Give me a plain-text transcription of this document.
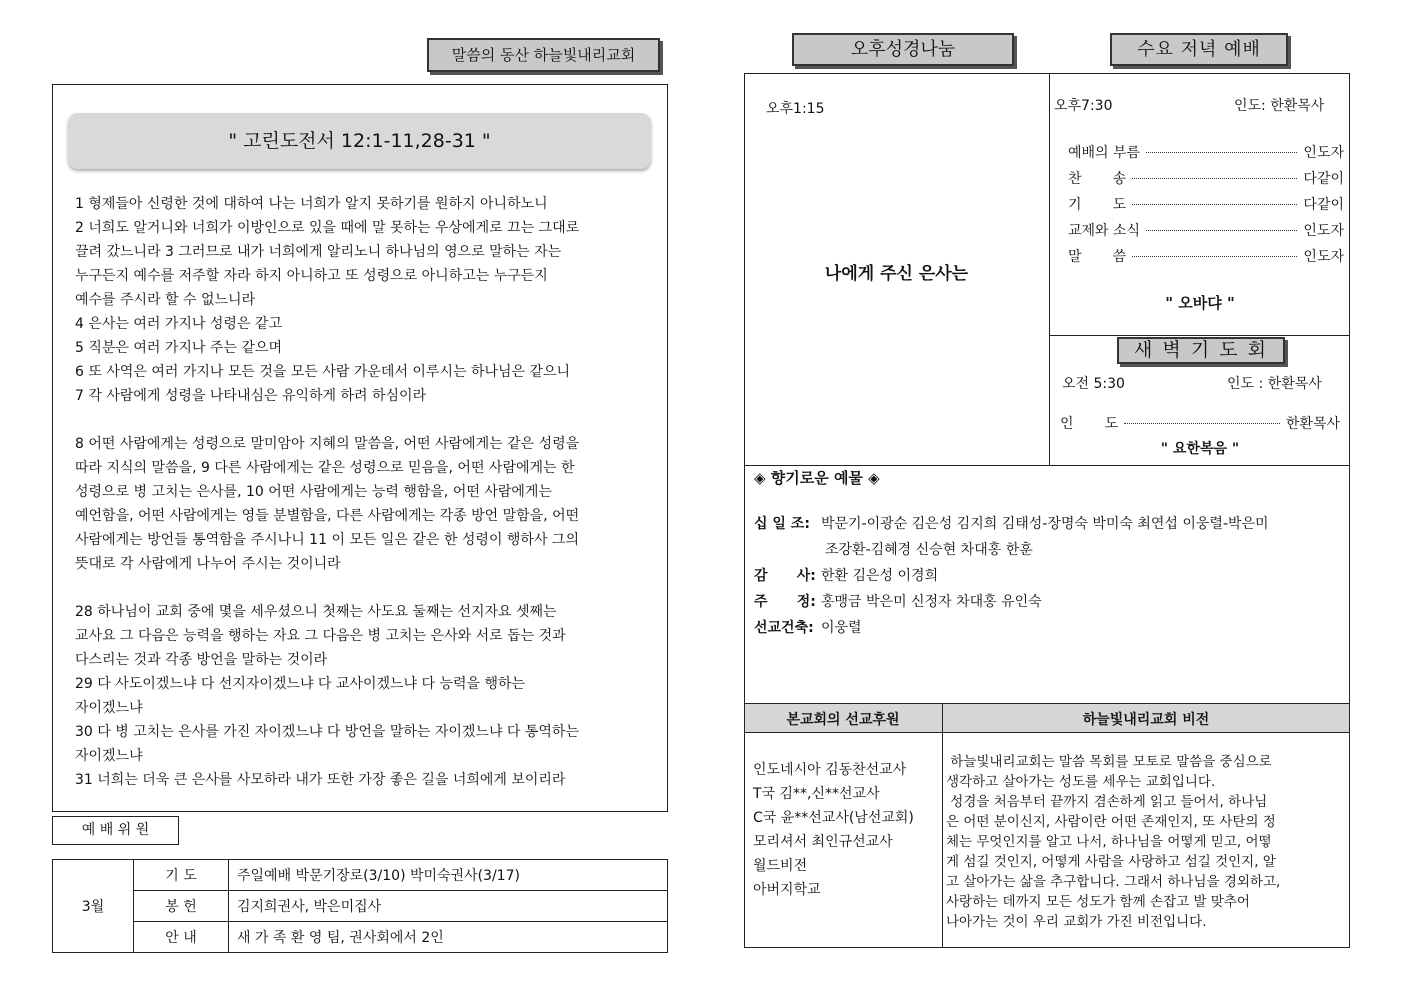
말씀의 동산 하늘빛내리교회
" 고린도전서 12:1-11,28-31 "
1 형제들아 신령한 것에 대하여 나는 너희가 알지 못하기를 원하지 아니하노니
2 너희도 알거니와 너희가 이방인으로 있을 때에 말 못하는 우상에게로 끄는 그대로
끌려 갔느니라 3 그러므로 내가 너희에게 알리노니 하나님의 영으로 말하는 자는
누구든지 예수를 저주할 자라 하지 아니하고 또 성령으로 아니하고는 누구든지
예수를 주시라 할 수 없느니라
4 은사는 여러 가지나 성령은 같고
5 직분은 여러 가지나 주는 같으며
6 또 사역은 여러 가지나 모든 것을 모든 사람 가운데서 이루시는 하나님은 같으니
7 각 사람에게 성령을 나타내심은 유익하게 하려 하심이라
8 어떤 사람에게는 성령으로 말미암아 지혜의 말씀을, 어떤 사람에게는 같은 성령을
따라 지식의 말씀을, 9 다른 사람에게는 같은 성령으로 믿음을, 어떤 사람에게는 한
성령으로 병 고치는 은사를, 10 어떤 사람에게는 능력 행함을, 어떤 사람에게는
예언함을, 어떤 사람에게는 영들 분별함을, 다른 사람에게는 각종 방언 말함을, 어떤
사람에게는 방언들 통역함을 주시나니 11 이 모든 일은 같은 한 성령이 행하사 그의
뜻대로 각 사람에게 나누어 주시는 것이니라
28 하나님이 교회 중에 몇을 세우셨으니 첫째는 사도요 둘째는 선지자요 셋째는
교사요 그 다음은 능력을 행하는 자요 그 다음은 병 고치는 은사와 서로 돕는 것과
다스리는 것과 각종 방언을 말하는 것이라
29 다 사도이겠느냐 다 선지자이겠느냐 다 교사이겠느냐 다 능력을 행하는
자이겠느냐
30 다 병 고치는 은사를 가진 자이겠느냐 다 방언을 말하는 자이겠느냐 다 통역하는
자이겠느냐
31 너희는 더욱 큰 은사를 사모하라 내가 또한 가장 좋은 길을 너희에게 보이리라
예 배 위 원
3월	기 도	주일예배 박문기장로(3/10) 박미숙권사(3/17)
	봉 헌	김지희권사, 박은미집사
	안 내	새 가 족 환 영 팀, 권사회에서 2인
오후성경나눔	수요 저녁 예배
오후1:15
나에게 주신 은사는
오후7:30	인도: 한환목사
예배의 부름	인도자
찬       송	다같이
기       도	다같이
교제와 소식	인도자
말       씀	인도자
" 오바댜 "
새 벽 기 도 회
오전 5:30	인도 : 한환목사
인       도	한환목사
" 요한복음 "
◈ 향기로운 예물 ◈
십 일 조: 박문기-이광순 김은성 김지희 김태성-장명숙 박미숙 최연섭 이웅렬-박은미
조강환-김혜경 신승현 차대홍 한훈
감      사: 한환 김은성 이경희
주      정: 홍맹금 박은미 신정자 차대홍 유인숙
선교건축: 이웅렬
본교회의 선교후원	하늘빛내리교회 비전
인도네시아 김동찬선교사
T국 김**,신**선교사
C국 윤**선교사(남선교회)
모리셔서 최인규선교사
월드비전
아버지학교
하늘빛내리교회는 말씀 목회를 모토로 말씀을 중심으로
생각하고 살아가는 성도를 세우는 교회입니다.
성경을 처음부터 끝까지 겸손하게 읽고 들어서, 하나님
은 어떤 분이신지, 사람이란 어떤 존재인지, 또 사탄의 정
체는 무엇인지를 알고 나서, 하나님을 어떻게 믿고, 어떻
게 섬길 것인지, 어떻게 사람을 사랑하고 섬길 것인지, 알
고 살아가는 삶을 추구합니다. 그래서 하나님을 경외하고,
사랑하는 데까지 모든 성도가 함께 손잡고 발 맞추어
나아가는 것이 우리 교회가 가진 비전입니다.
